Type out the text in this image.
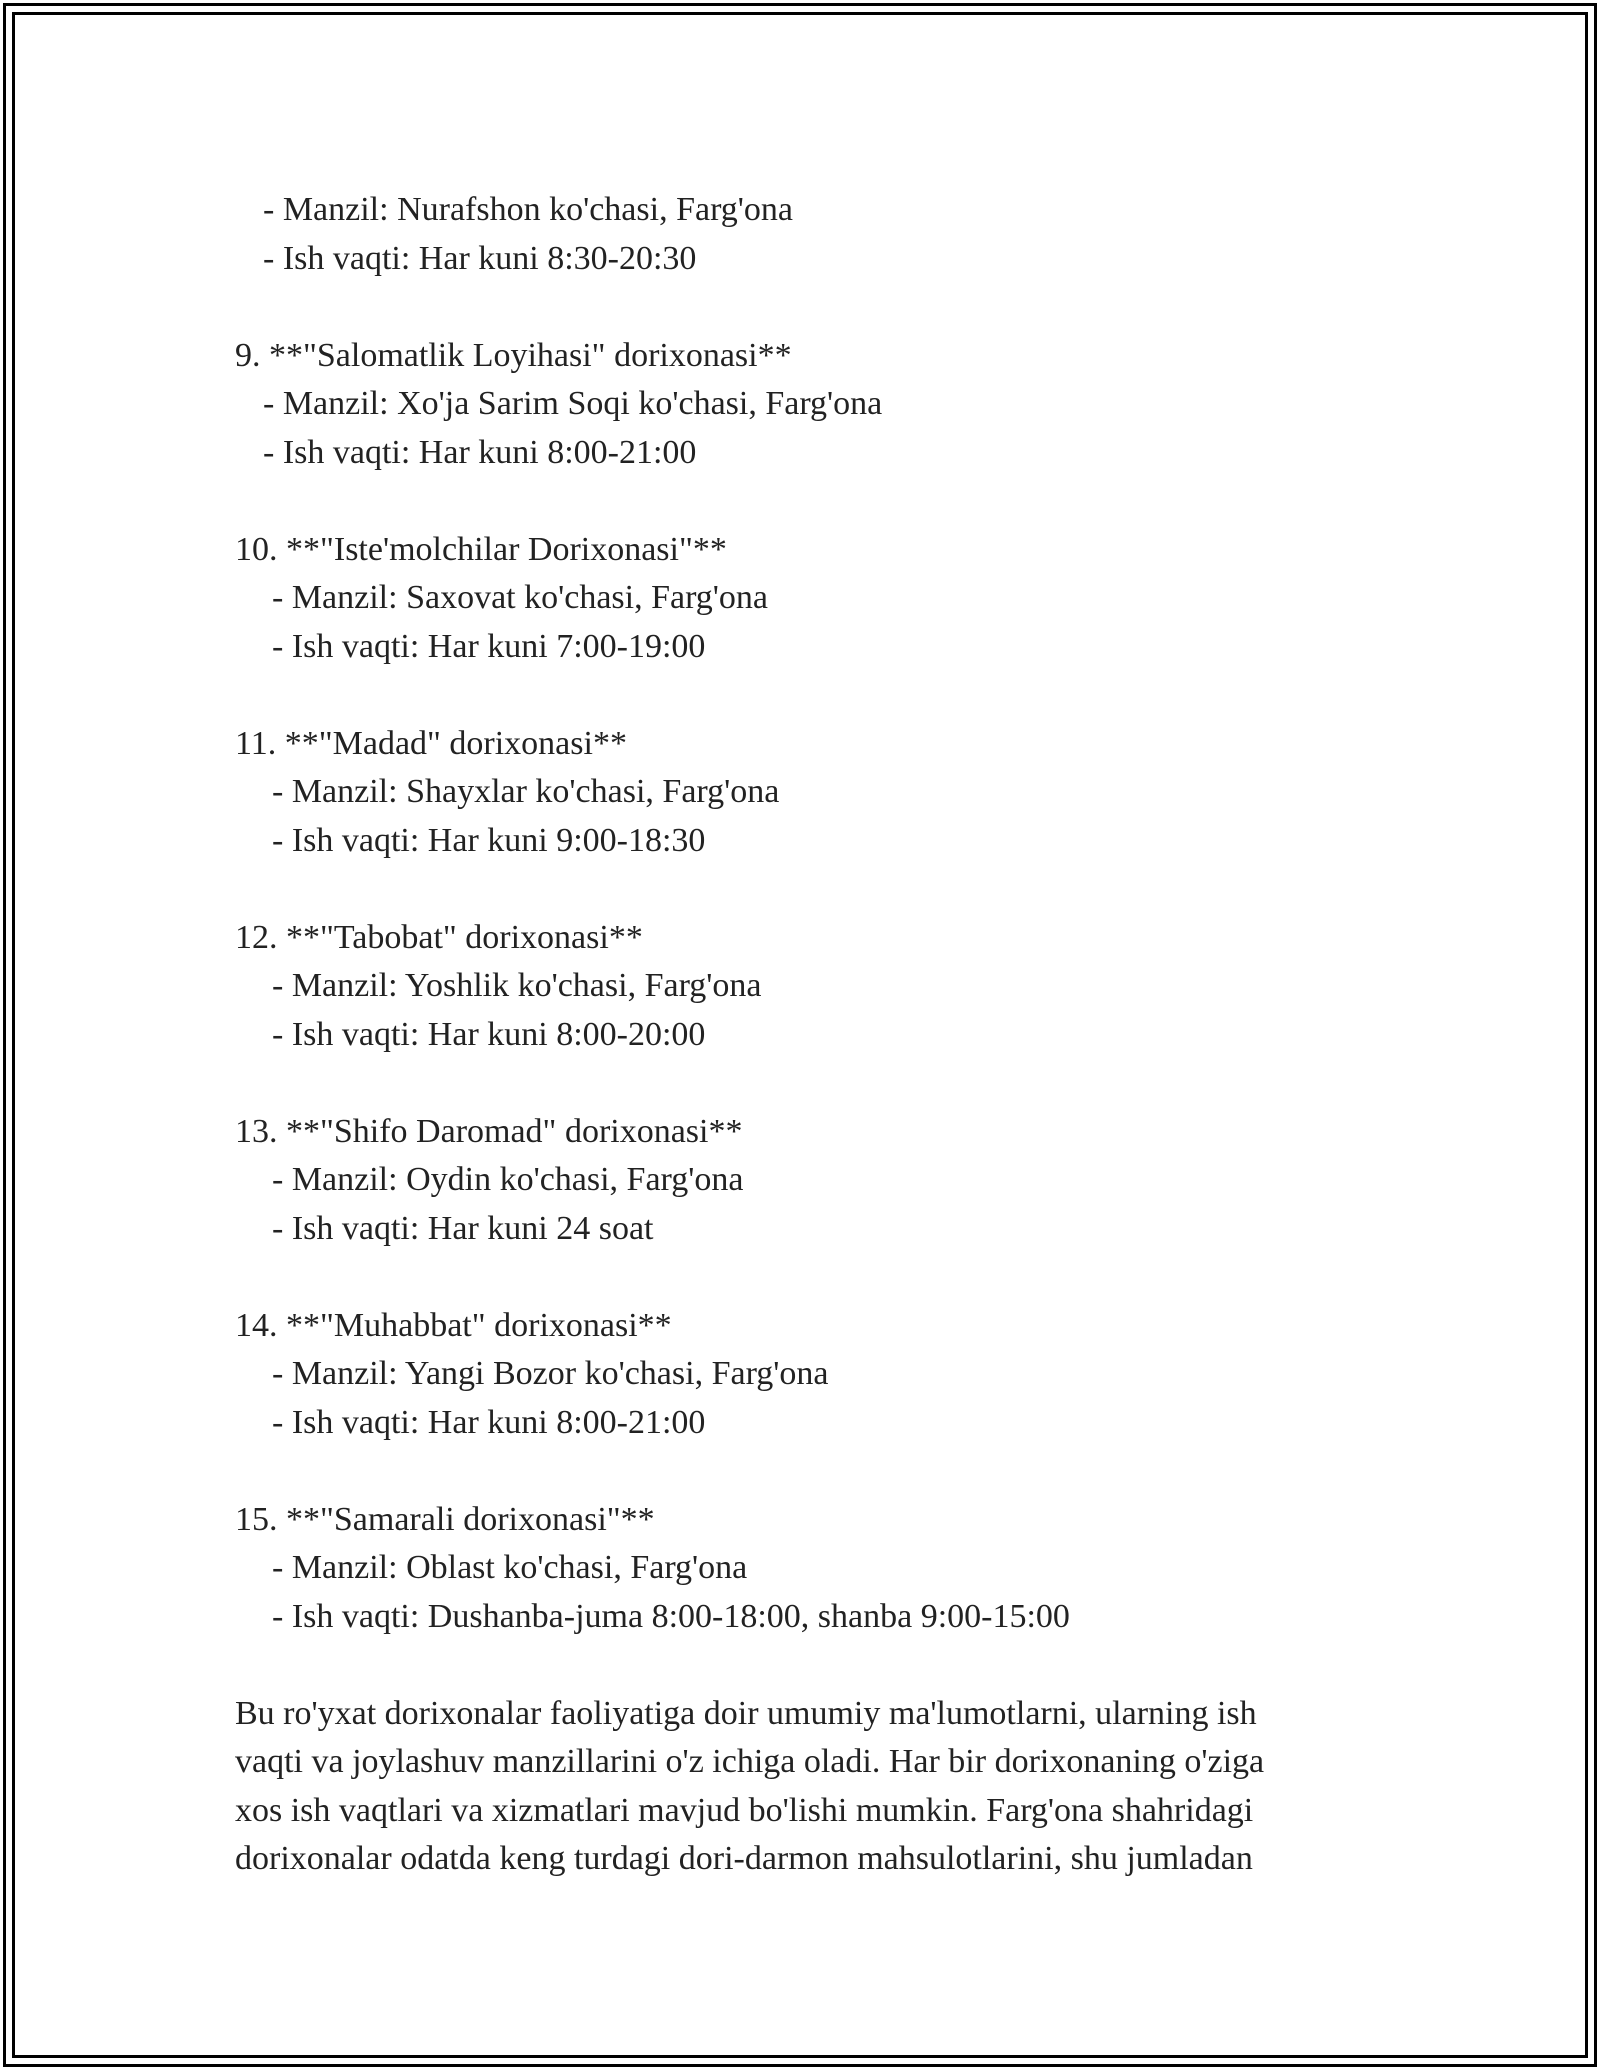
- Manzil: Nurafshon ko'chasi, Farg'ona
- Ish vaqti: Har kuni 8:30-20:30
9. **"Salomatlik Loyihasi" dorixonasi**
- Manzil: Xo'ja Sarim Soqi ko'chasi, Farg'ona
- Ish vaqti: Har kuni 8:00-21:00
10. **"Iste'molchilar Dorixonasi"**
- Manzil: Saxovat ko'chasi, Farg'ona
- Ish vaqti: Har kuni 7:00-19:00
11. **"Madad" dorixonasi**
- Manzil: Shayxlar ko'chasi, Farg'ona
- Ish vaqti: Har kuni 9:00-18:30
12. **"Tabobat" dorixonasi**
- Manzil: Yoshlik ko'chasi, Farg'ona
- Ish vaqti: Har kuni 8:00-20:00
13. **"Shifo Daromad" dorixonasi**
- Manzil: Oydin ko'chasi, Farg'ona
- Ish vaqti: Har kuni 24 soat
14. **"Muhabbat" dorixonasi**
- Manzil: Yangi Bozor ko'chasi, Farg'ona
- Ish vaqti: Har kuni 8:00-21:00
15. **"Samarali dorixonasi"**
- Manzil: Oblast ko'chasi, Farg'ona
- Ish vaqti: Dushanba-juma 8:00-18:00, shanba 9:00-15:00
Bu ro'yxat dorixonalar faoliyatiga doir umumiy ma'lumotlarni, ularning ish
vaqti va joylashuv manzillarini o'z ichiga oladi. Har bir dorixonaning o'ziga
xos ish vaqtlari va xizmatlari mavjud bo'lishi mumkin. Farg'ona shahridagi
dorixonalar odatda keng turdagi dori-darmon mahsulotlarini, shu jumladan
